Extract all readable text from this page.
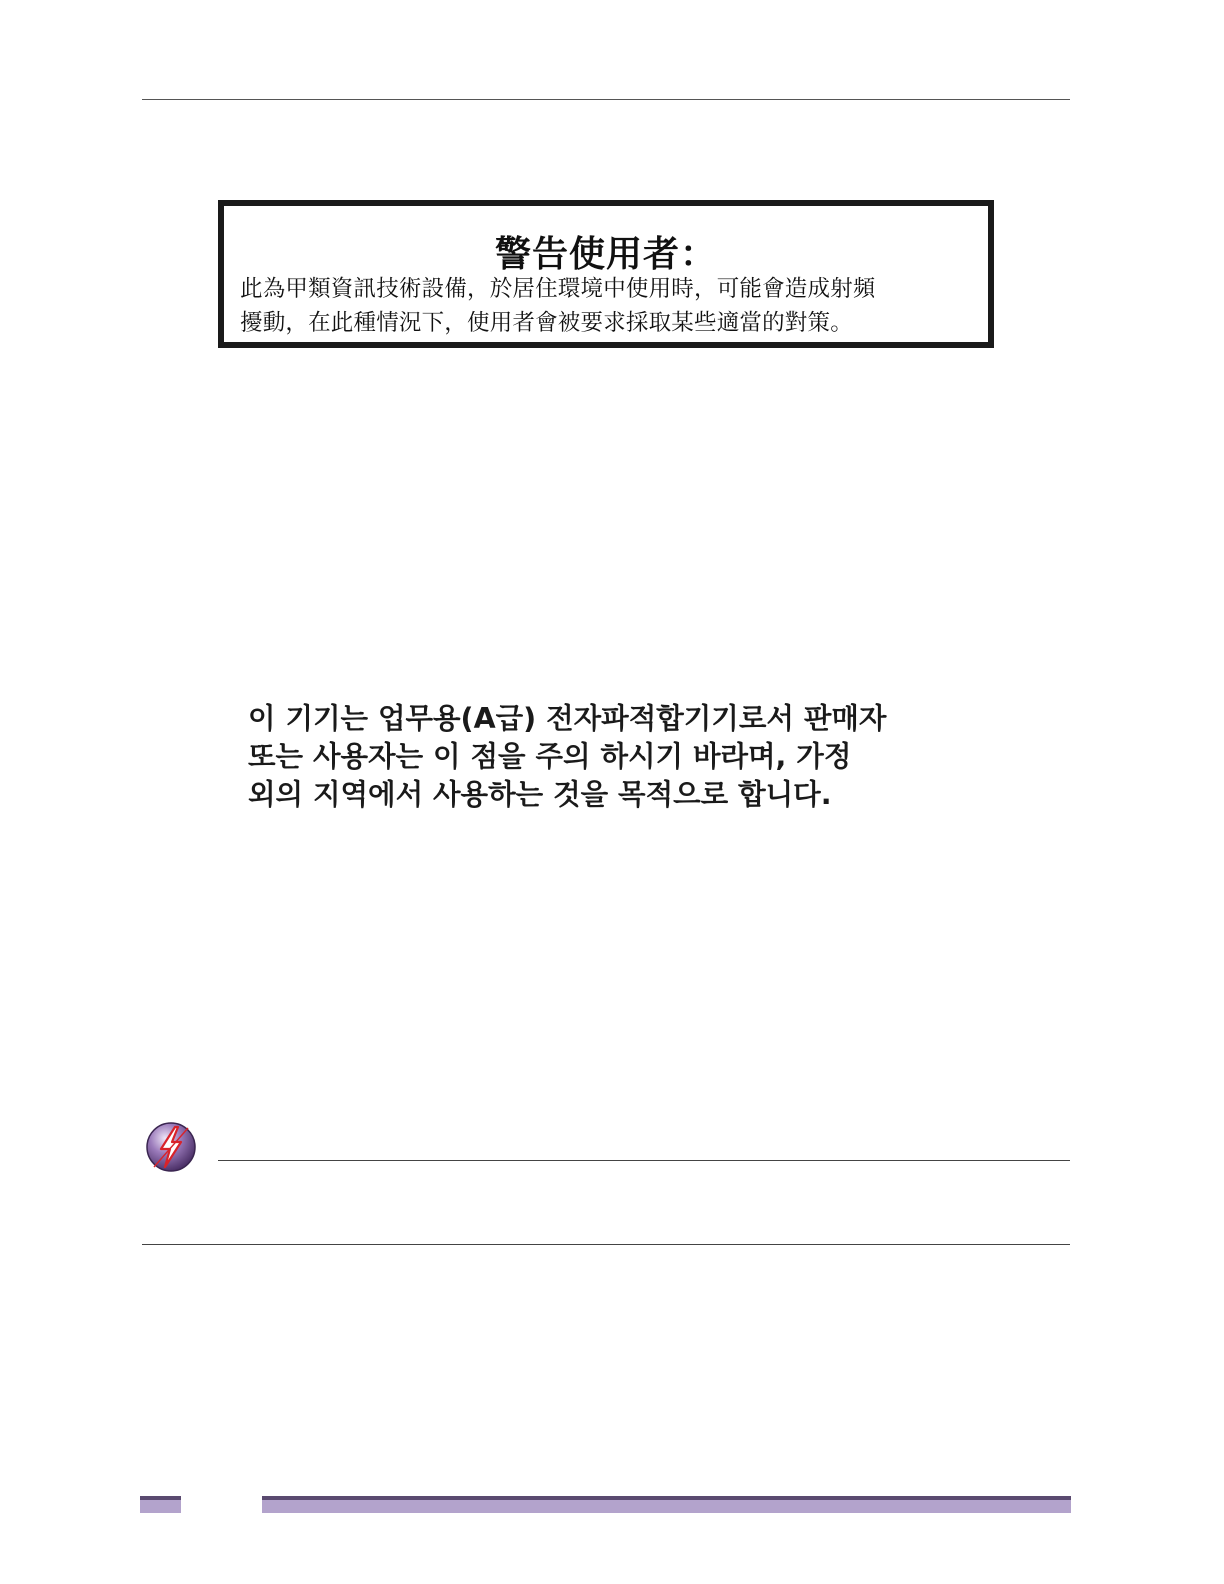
警告使用者：
此為甲類資訊技術設備，於居住環境中使用時，可能會造成射頻
擾動，在此種情況下，使用者會被要求採取某些適當的對策。
이 기기는 업무용(A급) 전자파적합기기로서 판매자
또는 사용자는 이 점을 주의 하시기 바라며, 가정
외의 지역에서 사용하는 것을 목적으로 합니다.
